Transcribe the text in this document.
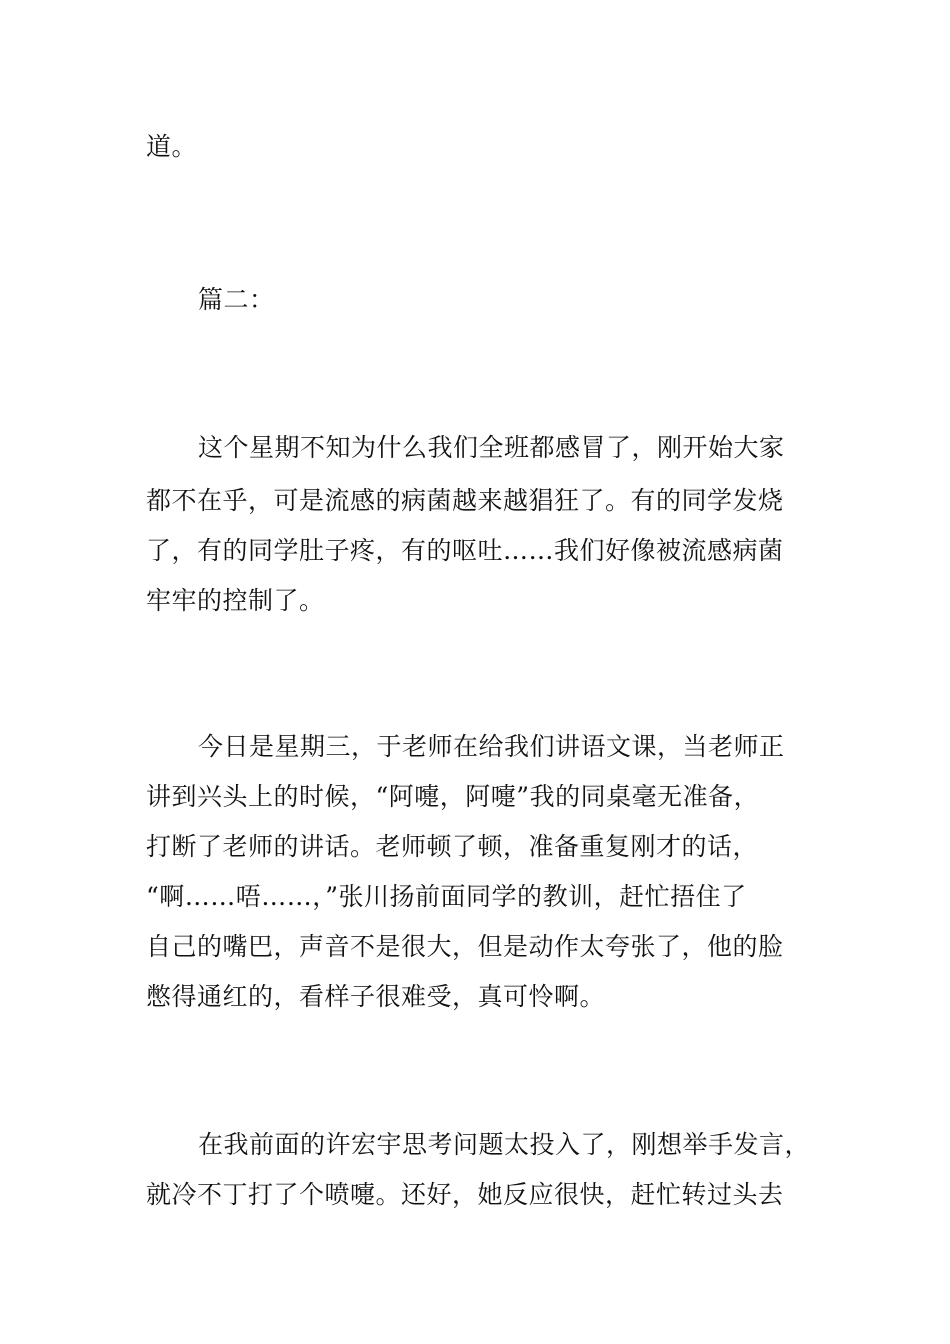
道。
篇二：
这个星期不知为什么我们全班都感冒了，刚开始大家
都不在乎，可是流感的病菌越来越猖狂了。有的同学发烧
了，有的同学肚子疼，有的呕吐……我们好像被流感病菌
牢牢的控制了。
今日是星期三，于老师在给我们讲语文课，当老师正
讲到兴头上的时候，“阿嚏，阿嚏”我的同桌毫无准备，
打断了老师的讲话。老师顿了顿，准备重复刚才的话，
“啊……唔……，”张川扬前面同学的教训，赶忙捂住了
自己的嘴巴，声音不是很大，但是动作太夸张了，他的脸
憋得通红的，看样子很难受，真可怜啊。
在我前面的许宏宇思考问题太投入了，刚想举手发言，
就冷不丁打了个喷嚏。还好，她反应很快，赶忙转过头去
